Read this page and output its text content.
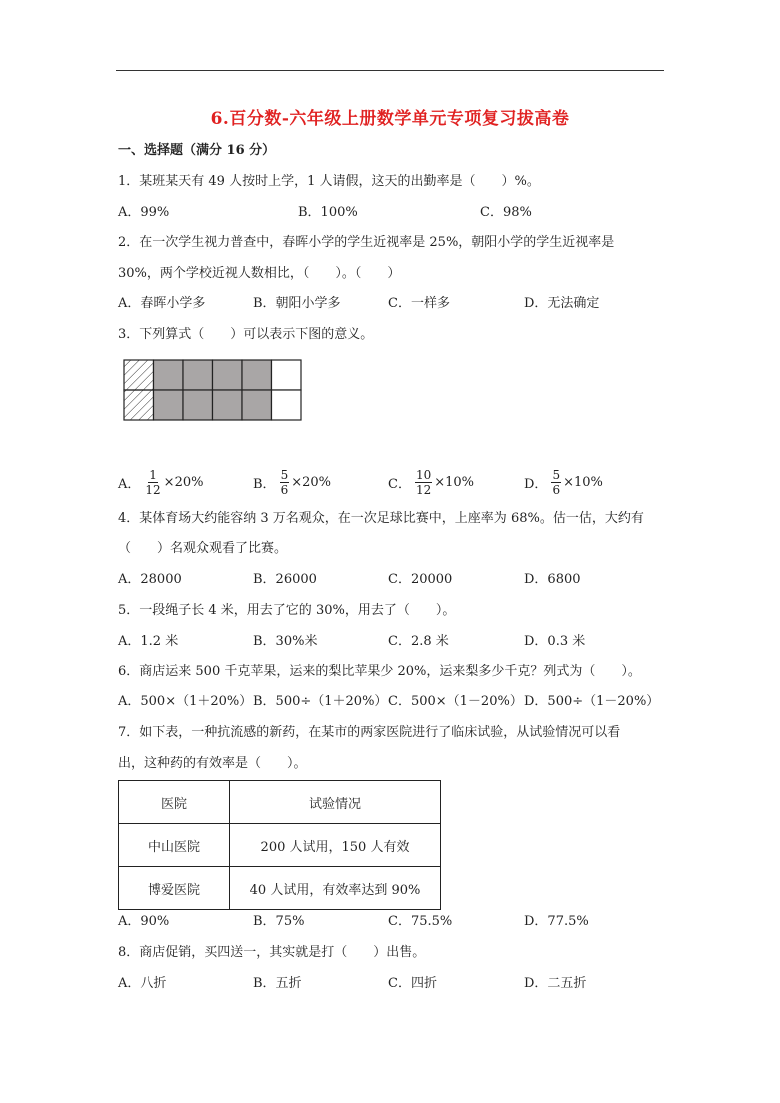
6.百分数-六年级上册数学单元专项复习拔高卷
一、选择题（满分 16 分）
1．某班某天有 49 人按时上学，1 人请假，这天的出勤率是（　　）%。
A．99%	B．100%	C．98%
2．在一次学生视力普查中，春晖小学的学生近视率是 25%，朝阳小学的学生近视率是
30%，两个学校近视人数相比，（　　）。（　　）
A．春晖小学多	B．朝阳小学多	C．一样多	D．无法确定
3．下列算式（　　）可以表示下图的意义。
A． $\frac{1}{12} \times 20\%$	B． $\frac{5}{6} \times 20\%$	C． $\frac{10}{12} \times 10\%$	D． $\frac{5}{6} \times 10\%$
4．某体育场大约能容纳 3 万名观众，在一次足球比赛中，上座率为 68%。估一估，大约有
（　　）名观众观看了比赛。
A．28000	B．26000	C．20000	D．6800
5．一段绳子长 4 米，用去了它的 30%，用去了（　　）。
A．1.2 米	B．30%米	C．2.8 米	D．0.3 米
6．商店运来 500 千克苹果，运来的梨比苹果少 20%，运来梨多少千克？列式为（　　）。
A．500×（1＋20%） B．500÷（1＋20%） C．500×（1－20%） D．500÷（1－20%）
7．如下表，一种抗流感的新药，在某市的两家医院进行了临床试验，从试验情况可以看
出，这种药的有效率是（　　）。
医院	试验情况
中山医院	200 人试用，150 人有效
博爱医院	40 人试用，有效率达到 90%
A．90%	B．75%	C．75.5%	D．77.5%
8．商店促销，买四送一，其实就是打（　　）出售。
A．八折	B．五折	C．四折	D．二五折
